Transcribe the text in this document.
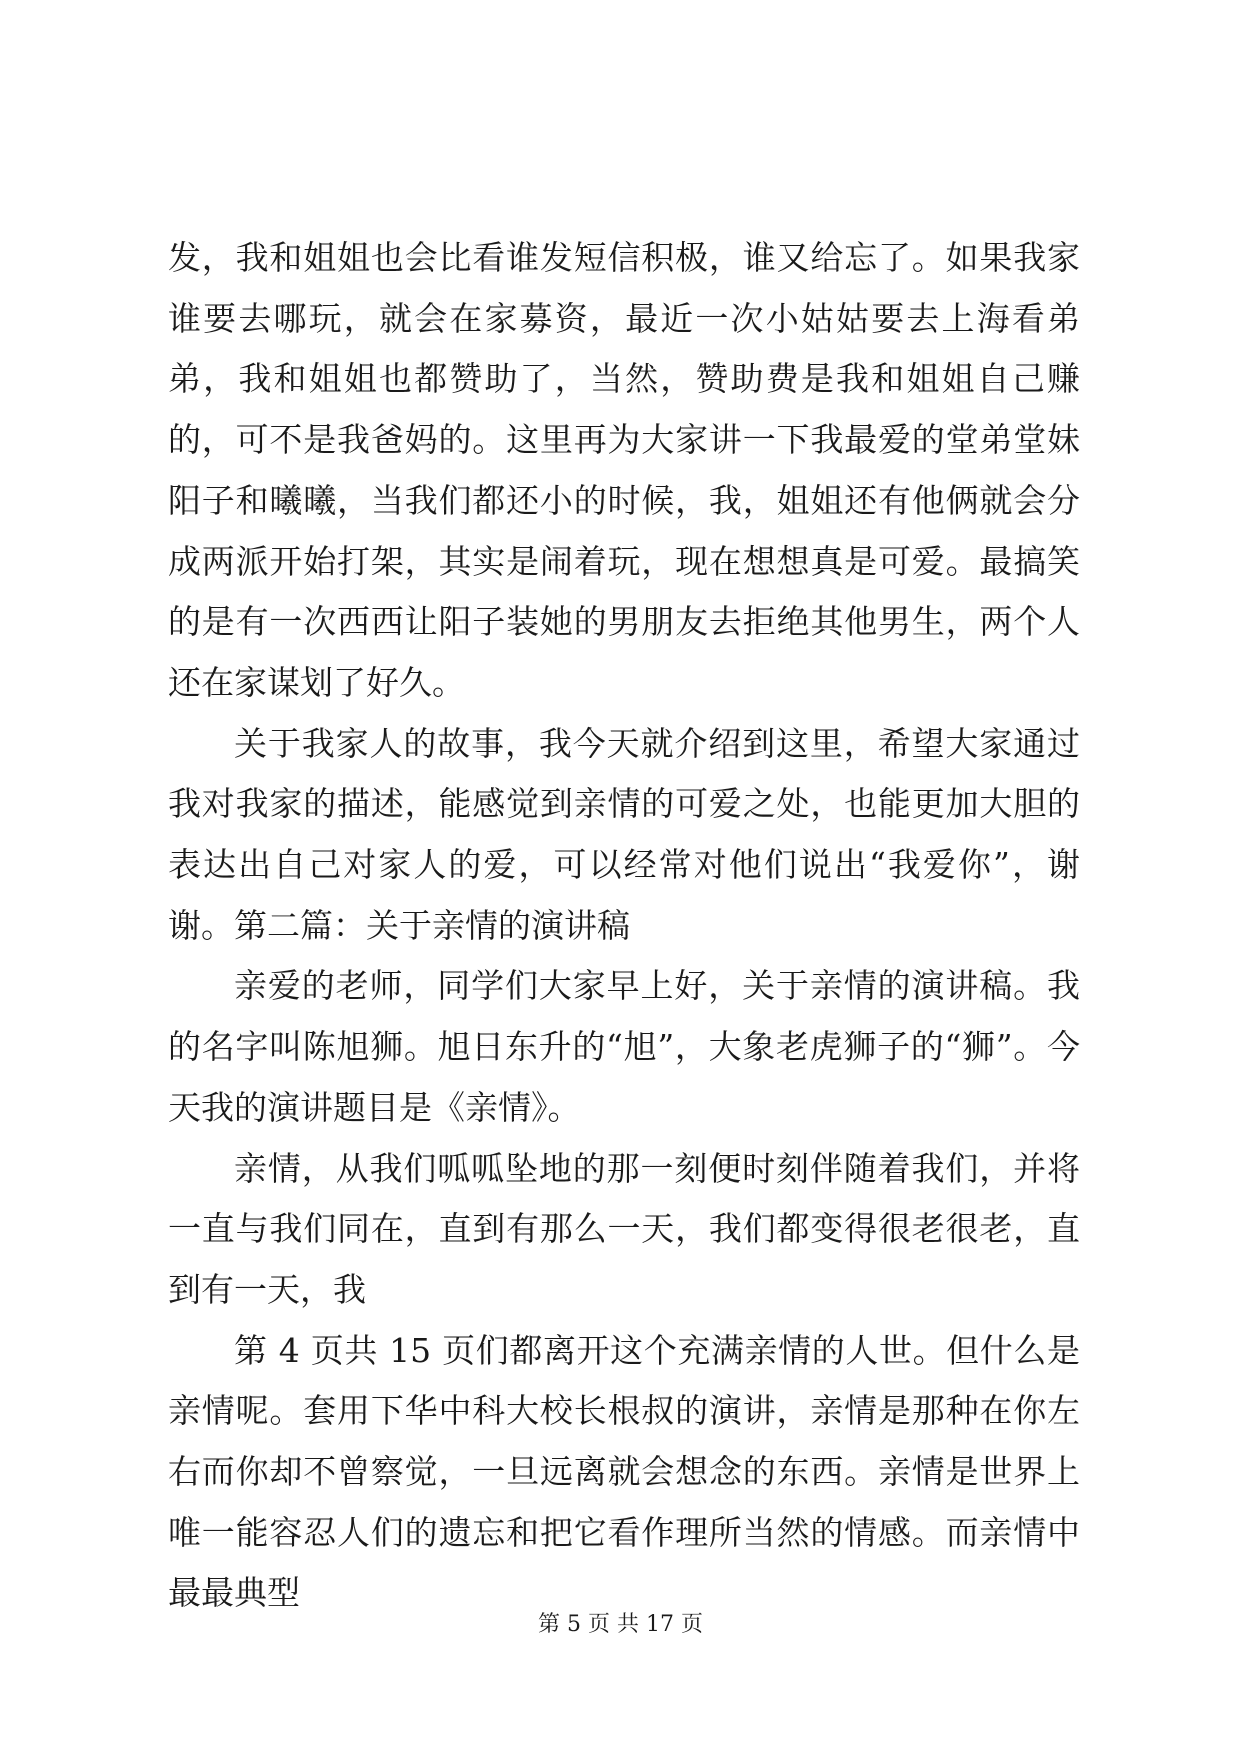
发，我和姐姐也会比看谁发短信积极，谁又给忘了。如果我家谁要去哪玩，就会在家募资，最近一次小姑姑要去上海看弟弟，我和姐姐也都赞助了，当然，赞助费是我和姐姐自己赚的，可不是我爸妈的。这里再为大家讲一下我最爱的堂弟堂妹阳子和曦曦，当我们都还小的时候，我，姐姐还有他俩就会分成两派开始打架，其实是闹着玩，现在想想真是可爱。最搞笑的是有一次西西让阳子装她的男朋友去拒绝其他男生，两个人还在家谋划了好久。

关于我家人的故事，我今天就介绍到这里，希望大家通过我对我家的描述，能感觉到亲情的可爱之处，也能更加大胆的表达出自己对家人的爱，可以经常对他们说出“我爱你”，谢谢。第二篇：关于亲情的演讲稿

亲爱的老师，同学们大家早上好，关于亲情的演讲稿。我的名字叫陈旭狮。旭日东升的“旭”，大象老虎狮子的“狮”。今天我的演讲题目是《亲情》。

亲情，从我们呱呱坠地的那一刻便时刻伴随着我们，并将一直与我们同在，直到有那么一天，我们都变得很老很老，直到有一天，我

第 4 页共 15 页们都离开这个充满亲情的人世。但什么是亲情呢。套用下华中科大校长根叔的演讲，亲情是那种在你左右而你却不曾察觉，一旦远离就会想念的东西。亲情是世界上唯一能容忍人们的遗忘和把它看作理所当然的情感。而亲情中最最典型

第 5 页 共 17 页
